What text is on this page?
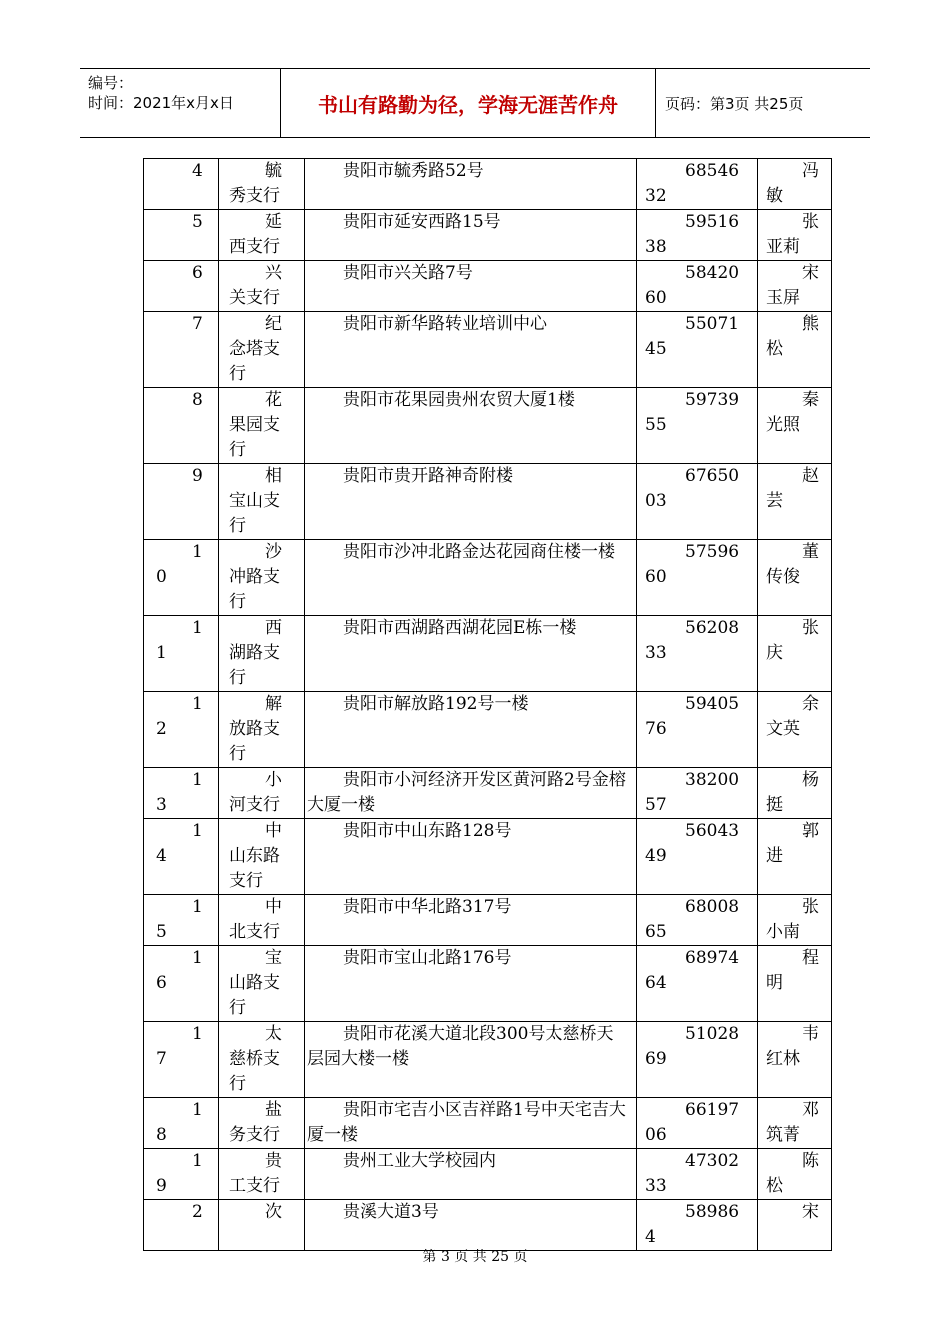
编号：
时间：2021年x月x日	书山有路勤为径，学海无涯苦作舟	页码：第3页 共25页
4	毓秀支行	贵阳市毓秀路52号	6854632	冯敏

5	延西支行	贵阳市延安西路15号	5951638	张亚莉

6	兴关支行	贵阳市兴关路7号	5842060	宋玉屏

7	纪念塔支行	贵阳市新华路转业培训中心	5507145	熊松

8	花果园支行	贵阳市花果园贵州农贸大厦1楼	5973955	秦光照

9	相宝山支行	贵阳市贵开路神奇附楼	6765003	赵芸

10	沙冲路支行	贵阳市沙冲北路金达花园商住楼一楼	5759660	董传俊

11	西湖路支行	贵阳市西湖路西湖花园E栋一楼	5620833	张庆

12	解放路支行	贵阳市解放路192号一楼	5940576	余文英

13	小河支行	贵阳市小河经济开发区黄河路2号金榕大厦一楼	3820057	杨挺

14	中山东路支行	贵阳市中山东路128号	5604349	郭进

15	中北支行	贵阳市中华北路317号	6800865	张小南

16	宝山路支行	贵阳市宝山北路176号	6897464	程明

17	太慈桥支行	贵阳市花溪大道北段300号太慈桥天层园大楼一楼	5102869	韦红林

18	盐务支行	贵阳市宅吉小区吉祥路1号中天宅吉大厦一楼	6619706	邓筑菁

19	贵工支行	贵州工业大学校园内	4730233	陈松

2	次	贵溪大道3号	589864	宋
第 3 页 共 25 页
